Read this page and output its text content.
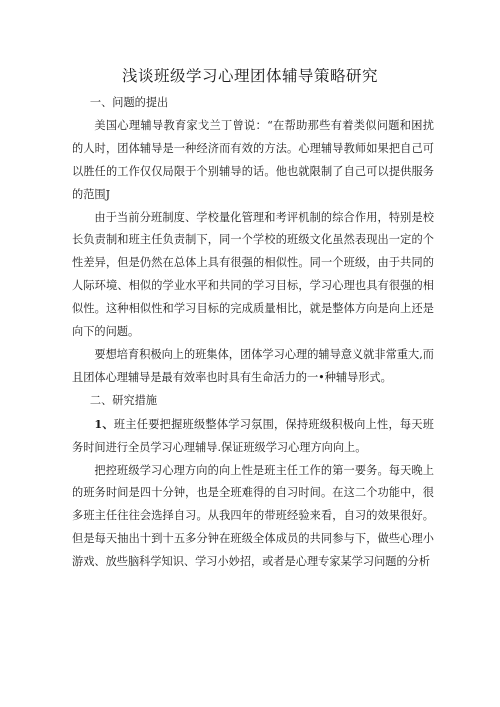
浅谈班级学习心理团体辅导策略研究

一、问题的提出

美国心理辅导教育家戈兰丁曾说：“在帮助那些有着类似问题和困扰的人时，团体辅导是一种经济而有效的方法。心理辅导教师如果把自己可以胜任的工作仅仅局限于个别辅导的话。他也就限制了自己可以提供服务的范围J

由于当前分班制度、学校量化管理和考评机制的综合作用，特别是校长负责制和班主任负责制下，同一个学校的班级文化虽然表现出一定的个性差异，但是仍然在总体上具有很强的相似性。同一个班级，由于共同的人际环境、相似的学业水平和共同的学习目标，学习心理也具有很强的相似性。这种相似性和学习目标的完成质量相比，就是整体方向是向上还是向下的问题。

要想培育积极向上的班集体，团体学习心理的辅导意义就非常重大,而且团体心理辅导是最有效率也时具有生命活力的一•种辅导形式。

二、研究措施

1、班主任要把握班级整体学习氛围，保持班级积极向上性，每天班务时间进行全员学习心理辅导.保证班级学习心理方向向上。

把控班级学习心理方向的向上性是班主任工作的第一要务。每天晚上的班务时间是四十分钟，也是全班难得的自习时间。在这二个功能中，很多班主任往往会选择自习。从我四年的带班经验来看，自习的效果很好。但是每天抽出十到十五多分钟在班级全体成员的共同参与下，做些心理小游戏、放些脑科学知识、学习小妙招，或者是心理专家某学习问题的分析
